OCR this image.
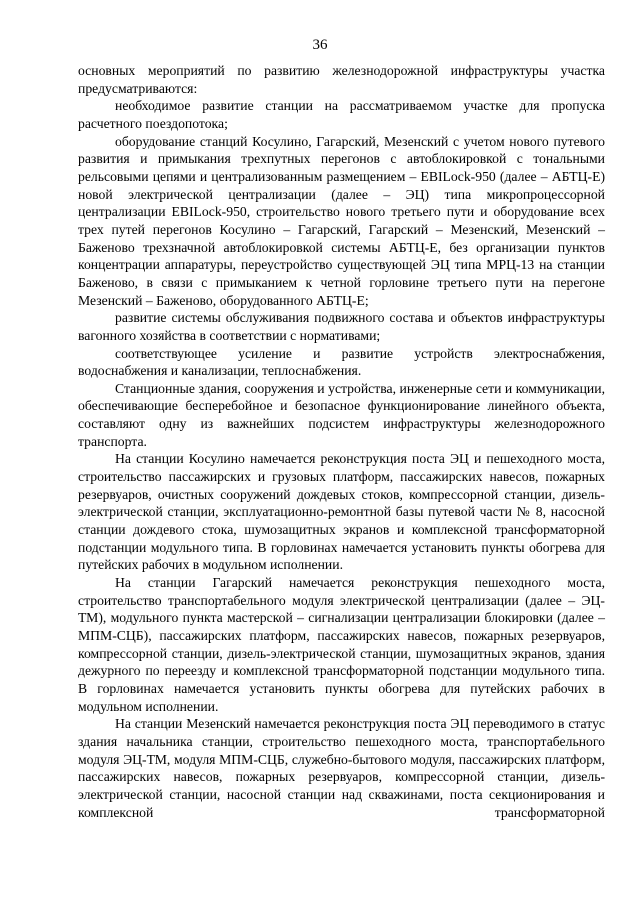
36

основных мероприятий по развитию железнодорожной инфраструктуры участка предусматриваются:

необходимое развитие станции на рассматриваемом участке для пропуска расчетного поездопотока;

оборудование станций Косулино, Гагарский, Мезенский с учетом нового путевого развития и примыкания трехпутных перегонов с автоблокировкой с тональными рельсовыми цепями и централизованным размещением – EBILock-950 (далее – АБТЦ-Е) новой электрической централизации (далее – ЭЦ) типа микропроцессорной централизации EBILock-950, строительство нового третьего пути и оборудование всех трех путей перегонов Косулино – Гагарский, Гагарский – Мезенский, Мезенский – Баженово трехзначной автоблокировкой системы АБТЦ-Е, без организации пунктов концентрации аппаратуры, переустройство существующей ЭЦ типа МРЦ-13 на станции Баженово, в связи с примыканием к четной горловине третьего пути на перегоне Мезенский – Баженово, оборудованного АБТЦ-Е;

развитие системы обслуживания подвижного состава и объектов инфраструктуры вагонного хозяйства в соответствии с нормативами;

соответствующее усиление и развитие устройств электроснабжения, водоснабжения и канализации, теплоснабжения.

Станционные здания, сооружения и устройства, инженерные сети и коммуникации, обеспечивающие бесперебойное и безопасное функционирование линейного объекта, составляют одну из важнейших подсистем инфраструктуры железнодорожного транспорта.

На станции Косулино намечается реконструкция поста ЭЦ и пешеходного моста, строительство пассажирских и грузовых платформ, пассажирских навесов, пожарных резервуаров, очистных сооружений дождевых стоков, компрессорной станции, дизель-электрической станции, эксплуатационно-ремонтной базы путевой части № 8, насосной станции дождевого стока, шумозащитных экранов и комплексной трансформаторной подстанции модульного типа. В горловинах намечается установить пункты обогрева для путейских рабочих в модульном исполнении.

На станции Гагарский намечается реконструкция пешеходного моста, строительство транспортабельного модуля электрической централизации (далее – ЭЦ-ТМ), модульного пункта мастерской – сигнализации централизации блокировки (далее – МПМ-СЦБ), пассажирских платформ, пассажирских навесов, пожарных резервуаров, компрессорной станции, дизель-электрической станции, шумозащитных экранов, здания дежурного по переезду и комплексной трансформаторной подстанции модульного типа. В горловинах намечается установить пункты обогрева для путейских рабочих в модульном исполнении.

На станции Мезенский намечается реконструкция поста ЭЦ переводимого в статус здания начальника станции, строительство пешеходного моста, транспортабельного модуля ЭЦ-ТМ, модуля МПМ-СЦБ, служебно-бытового модуля, пассажирских платформ, пассажирских навесов, пожарных резервуаров, компрессорной станции, дизель-электрической станции, насосной станции над скважинами, поста секционирования и комплексной трансформаторной
